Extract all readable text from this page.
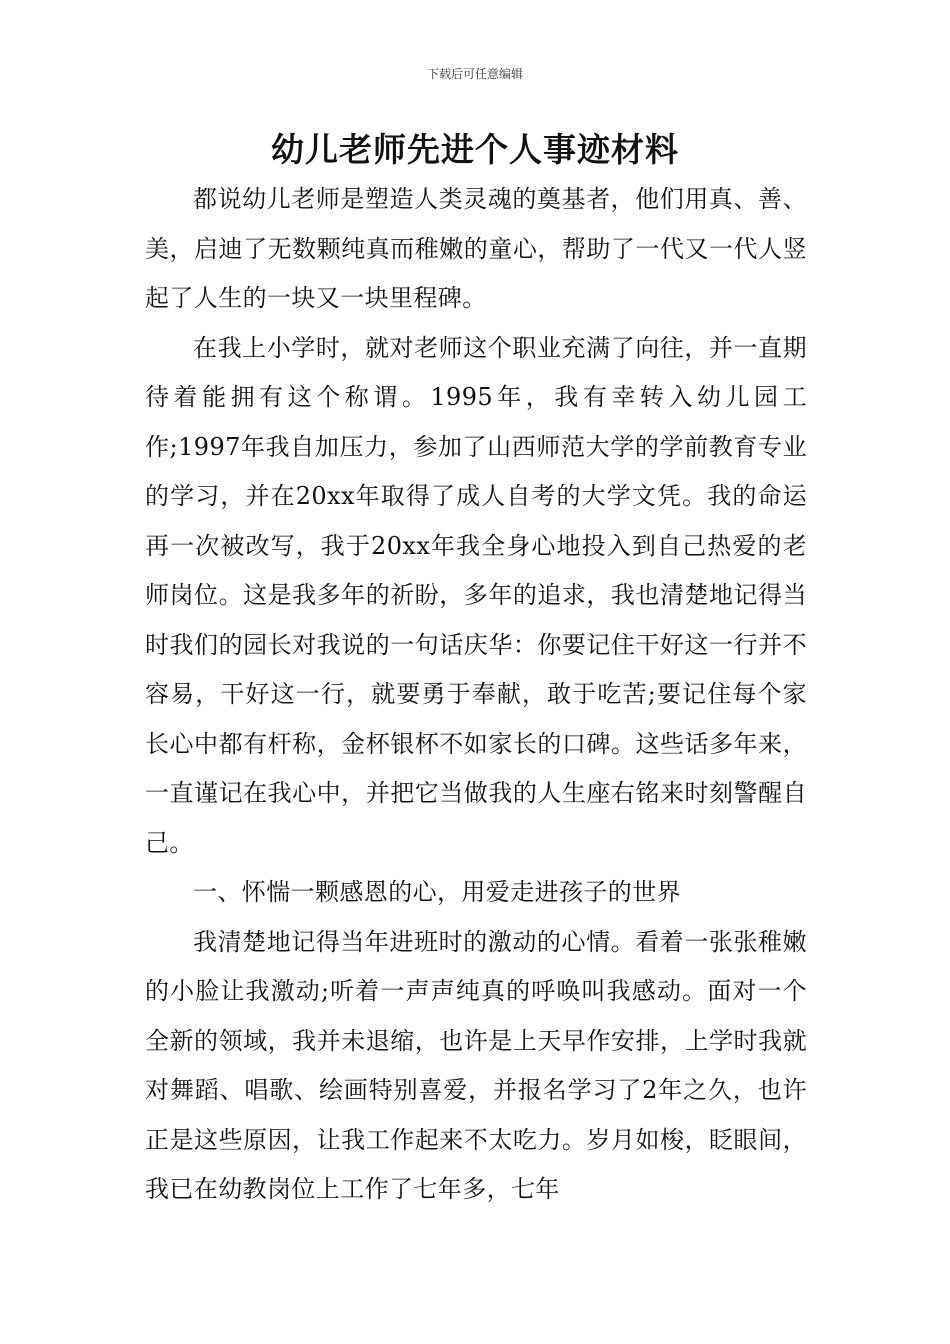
下载后可任意编辑
幼儿老师先进个人事迹材料

都说幼儿老师是塑造人类灵魂的奠基者，他们用真、善、美，启迪了无数颗纯真而稚嫩的童心，帮助了一代又一代人竖起了人生的一块又一块里程碑。

在我上小学时，就对老师这个职业充满了向往，并一直期待着能拥有这个称谓。1995年，我有幸转入幼儿园工作;1997年我自加压力，参加了山西师范大学的学前教育专业的学习，并在20xx年取得了成人自考的大学文凭。我的命运再一次被改写，我于20xx年我全身心地投入到自己热爱的老师岗位。这是我多年的祈盼，多年的追求，我也清楚地记得当时我们的园长对我说的一句话庆华：你要记住干好这一行并不容易，干好这一行，就要勇于奉献，敢于吃苦;要记住每个家长心中都有杆称，金杯银杯不如家长的口碑。这些话多年来，一直谨记在我心中，并把它当做我的人生座右铭来时刻警醒自己。

一、怀惴一颗感恩的心，用爱走进孩子的世界

我清楚地记得当年进班时的激动的心情。看着一张张稚嫩的小脸让我激动;听着一声声纯真的呼唤叫我感动。面对一个全新的领域，我并未退缩，也许是上天早作安排，上学时我就对舞蹈、唱歌、绘画特别喜爱，并报名学习了2年之久，也许正是这些原因，让我工作起来不太吃力。岁月如梭，眨眼间，我已在幼教岗位上工作了七年多，七年
